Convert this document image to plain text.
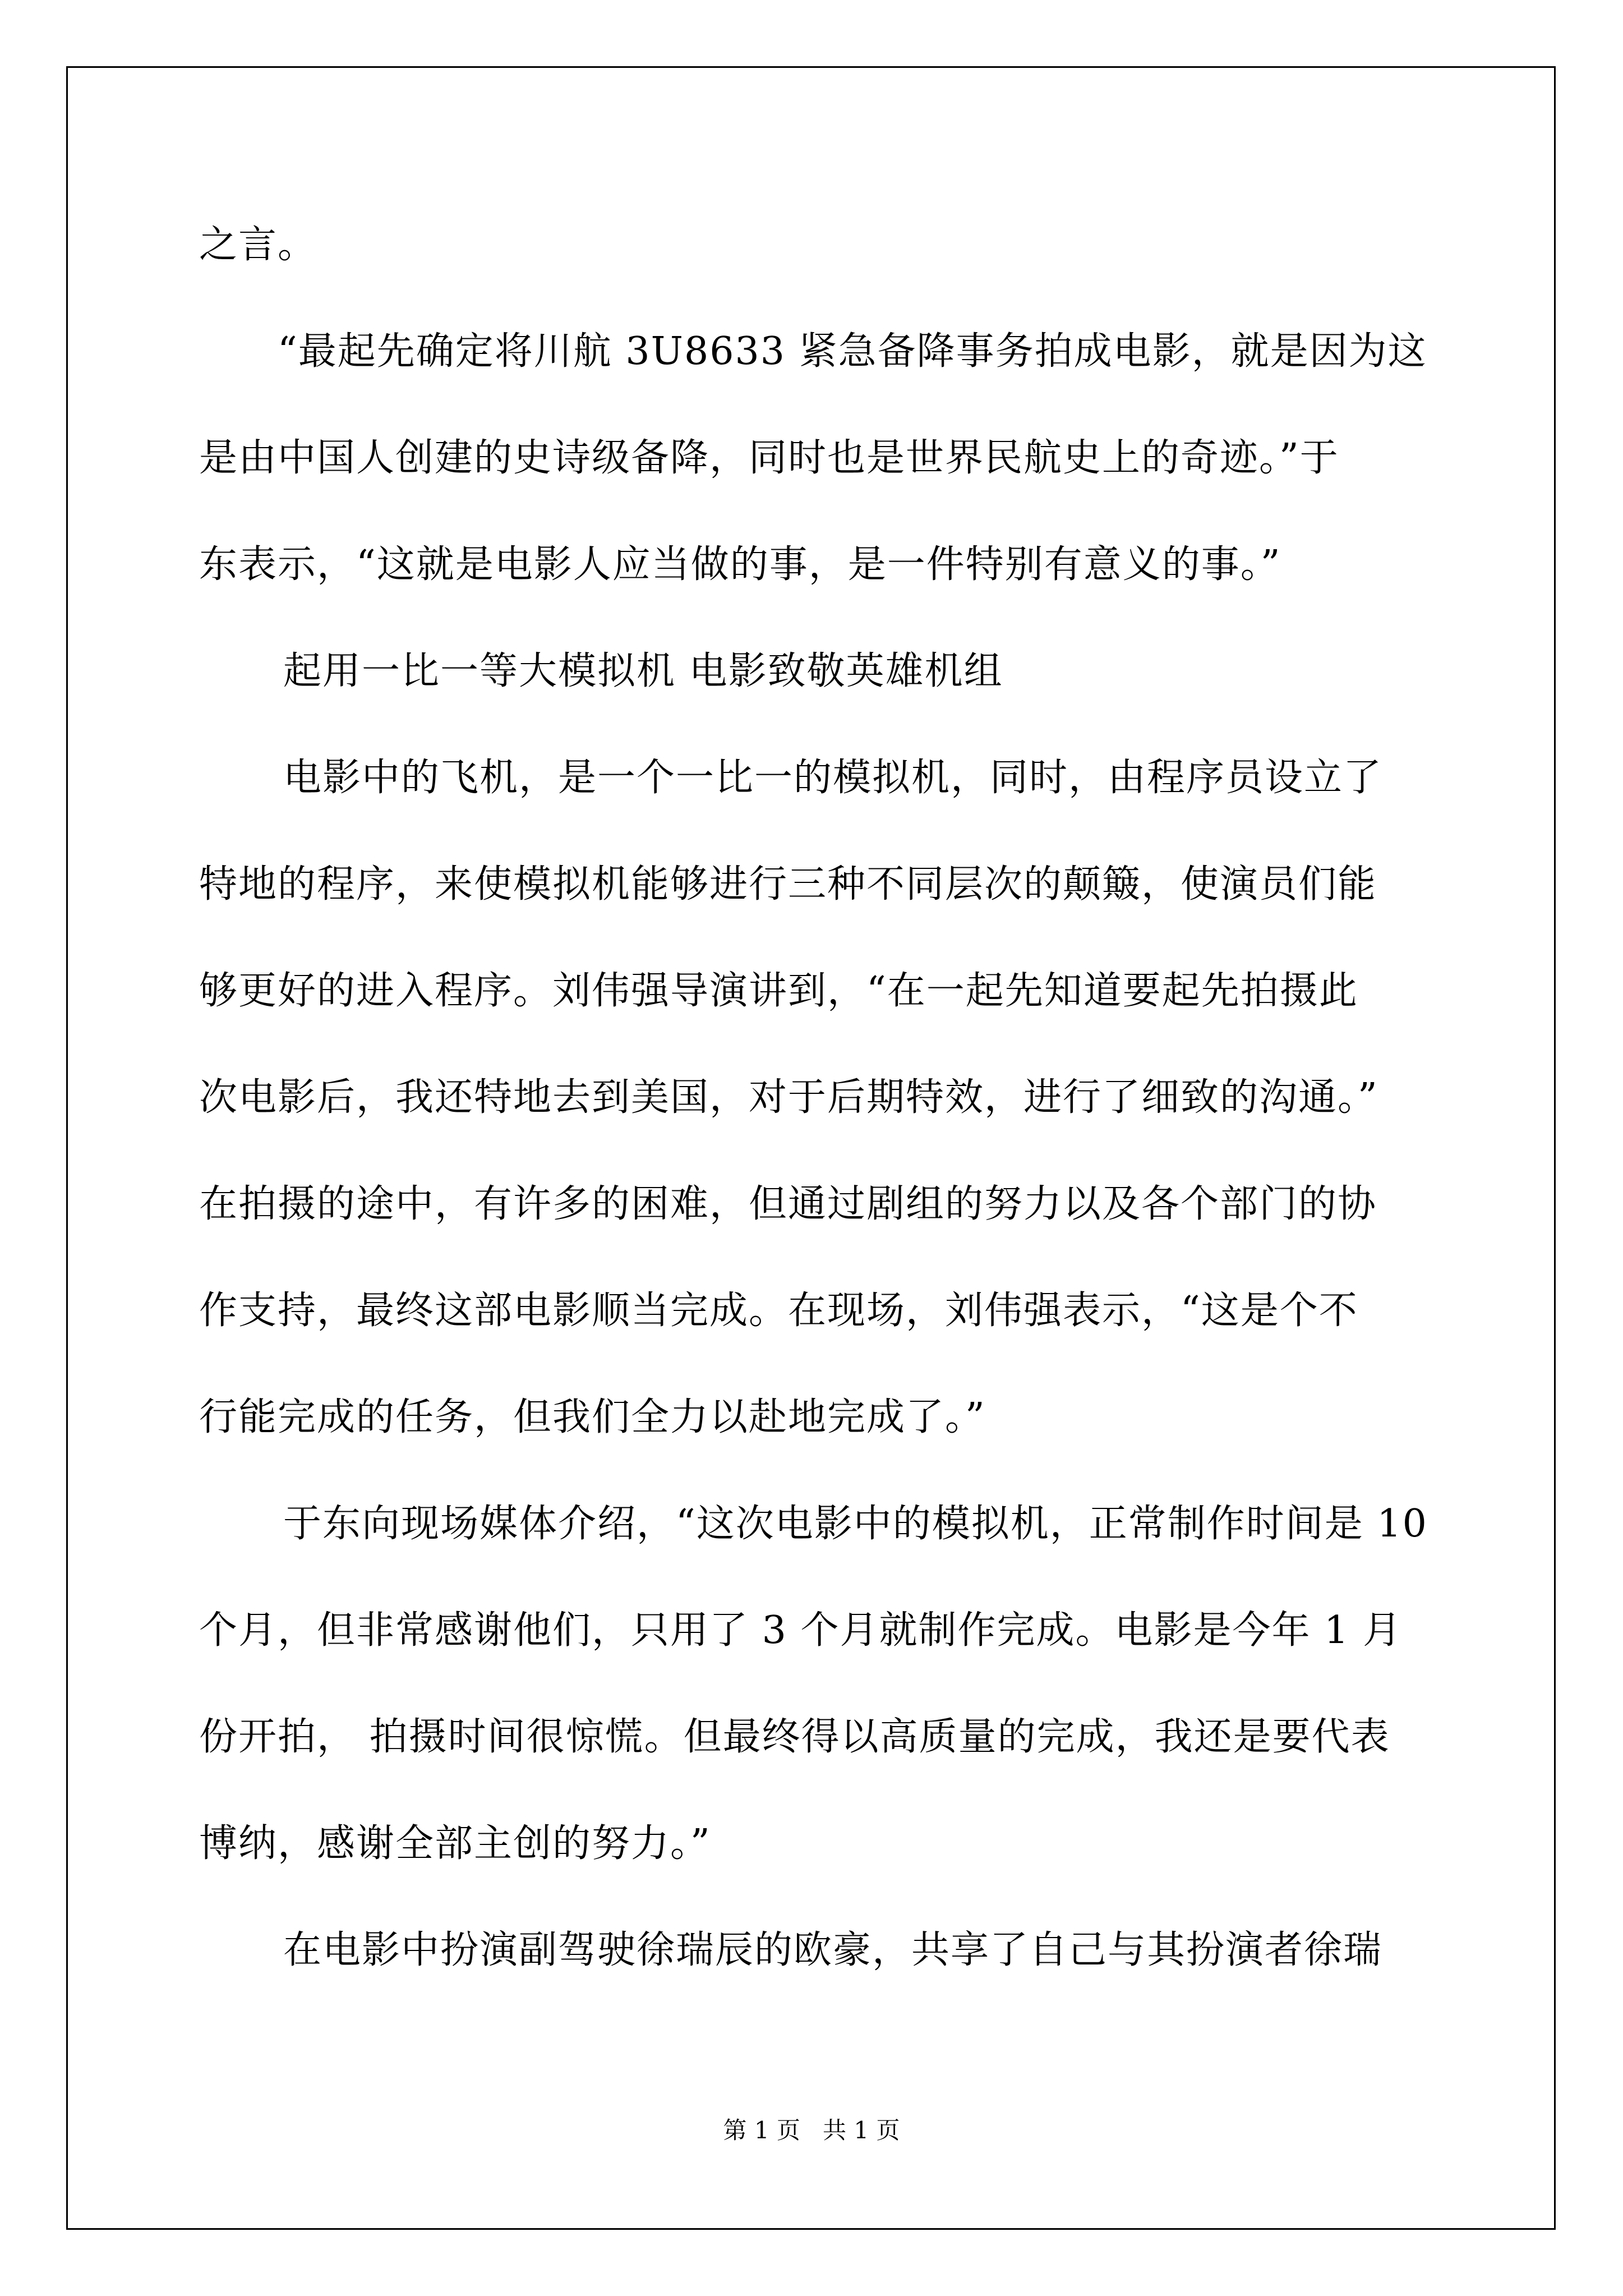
之言。
“最起先确定将川航 3U8633 紧急备降事务拍成电影，就是因为这
是由中国人创建的史诗级备降，同时也是世界民航史上的奇迹。”于
东表示，“这就是电影人应当做的事，是一件特别有意义的事。”
起用一比一等大模拟机 电影致敬英雄机组
电影中的飞机，是一个一比一的模拟机，同时，由程序员设立了
特地的程序，来使模拟机能够进行三种不同层次的颠簸，使演员们能
够更好的进入程序。刘伟强导演讲到，“在一起先知道要起先拍摄此
次电影后，我还特地去到美国，对于后期特效，进行了细致的沟通。”
在拍摄的途中，有许多的困难，但通过剧组的努力以及各个部门的协
作支持，最终这部电影顺当完成。在现场，刘伟强表示，“这是个不
行能完成的任务，但我们全力以赴地完成了。”
于东向现场媒体介绍，“这次电影中的模拟机，正常制作时间是 10
个月，但非常感谢他们，只用了 3 个月就制作完成。电影是今年 1 月
份开拍， 拍摄时间很惊慌。但最终得以高质量的完成，我还是要代表
博纳，感谢全部主创的努力。”
在电影中扮演副驾驶徐瑞辰的欧豪，共享了自己与其扮演者徐瑞
第 1 页   共 1 页
